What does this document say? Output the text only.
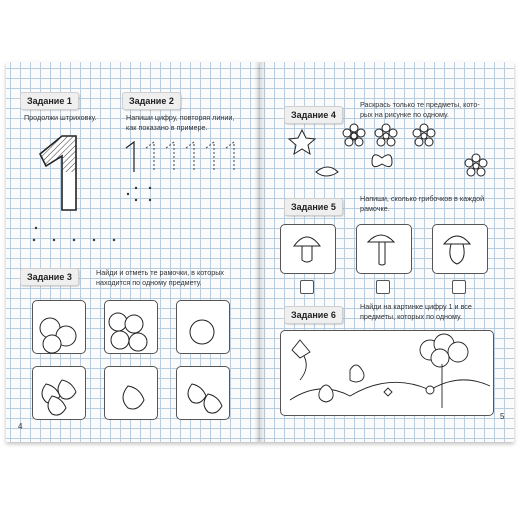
Задание 1
Продолжи штриховку.
Задание 2
Напиши цифру, повторяя линии,
как показано в примере.
Задание 3	Найди и отметь те рамочки, в которых
находится по одному предмету.
4
Задание 4
Раскрась только те предметы, кото-
рых на рисунке по одному.
Задание 5
Напиши, сколько грибочков в каждой
рамочке.
Задание 6
Найди на картинке цифру 1 и все
предметы, которых по одному.
5
